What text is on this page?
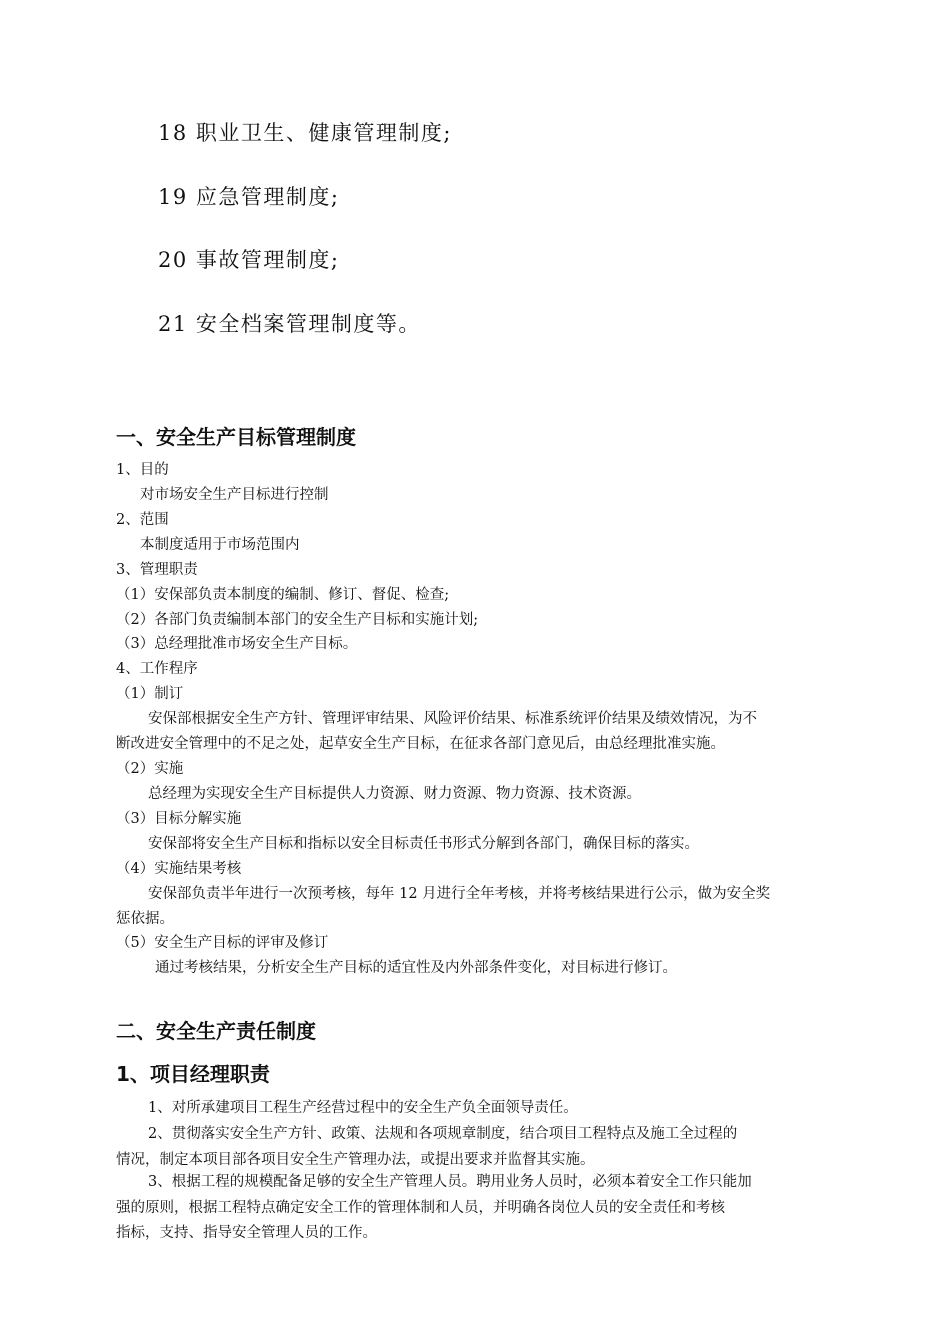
18 职业卫生、健康管理制度;
19 应急管理制度;
20 事故管理制度;
21 安全档案管理制度等。
一、安全生产目标管理制度
1、目的
对市场安全生产目标进行控制
2、范围
本制度适用于市场范围内
3、管理职责
（1）安保部负责本制度的编制、修订、督促、检查;
（2）各部门负责编制本部门的安全生产目标和实施计划;
（3）总经理批准市场安全生产目标。
4、工作程序
（1）制订
安保部根据安全生产方针、管理评审结果、风险评价结果、标准系统评价结果及绩效情况，为不
断改进安全管理中的不足之处，起草安全生产目标，在征求各部门意见后，由总经理批准实施。
（2）实施
总经理为实现安全生产目标提供人力资源、财力资源、物力资源、技术资源。
（3）目标分解实施
安保部将安全生产目标和指标以安全目标责任书形式分解到各部门，确保目标的落实。
（4）实施结果考核
安保部负责半年进行一次预考核，每年 12 月进行全年考核，并将考核结果进行公示，做为安全奖
惩依据。
（5）安全生产目标的评审及修订
通过考核结果，分析安全生产目标的适宜性及内外部条件变化，对目标进行修订。
二、安全生产责任制度
1、项目经理职责
1、对所承建项目工程生产经营过程中的安全生产负全面领导责任。
2、贯彻落实安全生产方针、政策、法规和各项规章制度，结合项目工程特点及施工全过程的
情况，制定本项目部各项目安全生产管理办法，或提出要求并监督其实施。
3、根据工程的规模配备足够的安全生产管理人员。聘用业务人员时，必须本着安全工作只能加
强的原则，根据工程特点确定安全工作的管理体制和人员，并明确各岗位人员的安全责任和考核
指标，支持、指导安全管理人员的工作。
